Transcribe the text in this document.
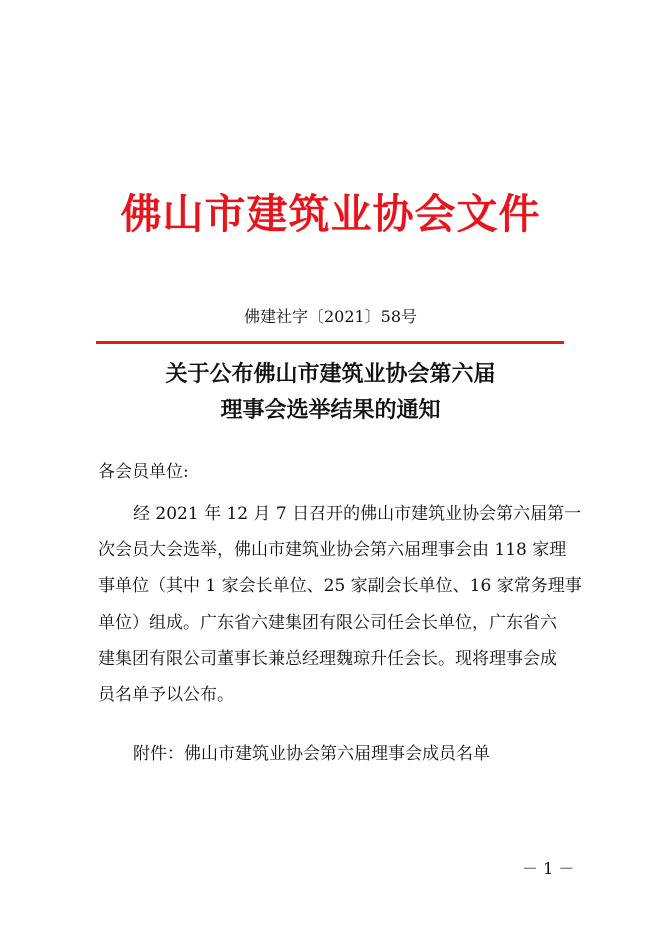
佛山市建筑业协会文件
佛建社字〔2021〕58号
关于公布佛山市建筑业协会第六届
理事会选举结果的通知
各会员单位:
经 2021 年 12 月 7 日召开的佛山市建筑业协会第六届第一
次会员大会选举，佛山市建筑业协会第六届理事会由 118 家理
事单位（其中 1 家会长单位、25 家副会长单位、16 家常务理事
单位）组成。广东省六建集团有限公司任会长单位，广东省六
建集团有限公司董事长兼总经理魏琼升任会长。现将理事会成
员名单予以公布。
附件：佛山市建筑业协会第六届理事会成员名单
－ 1 －
